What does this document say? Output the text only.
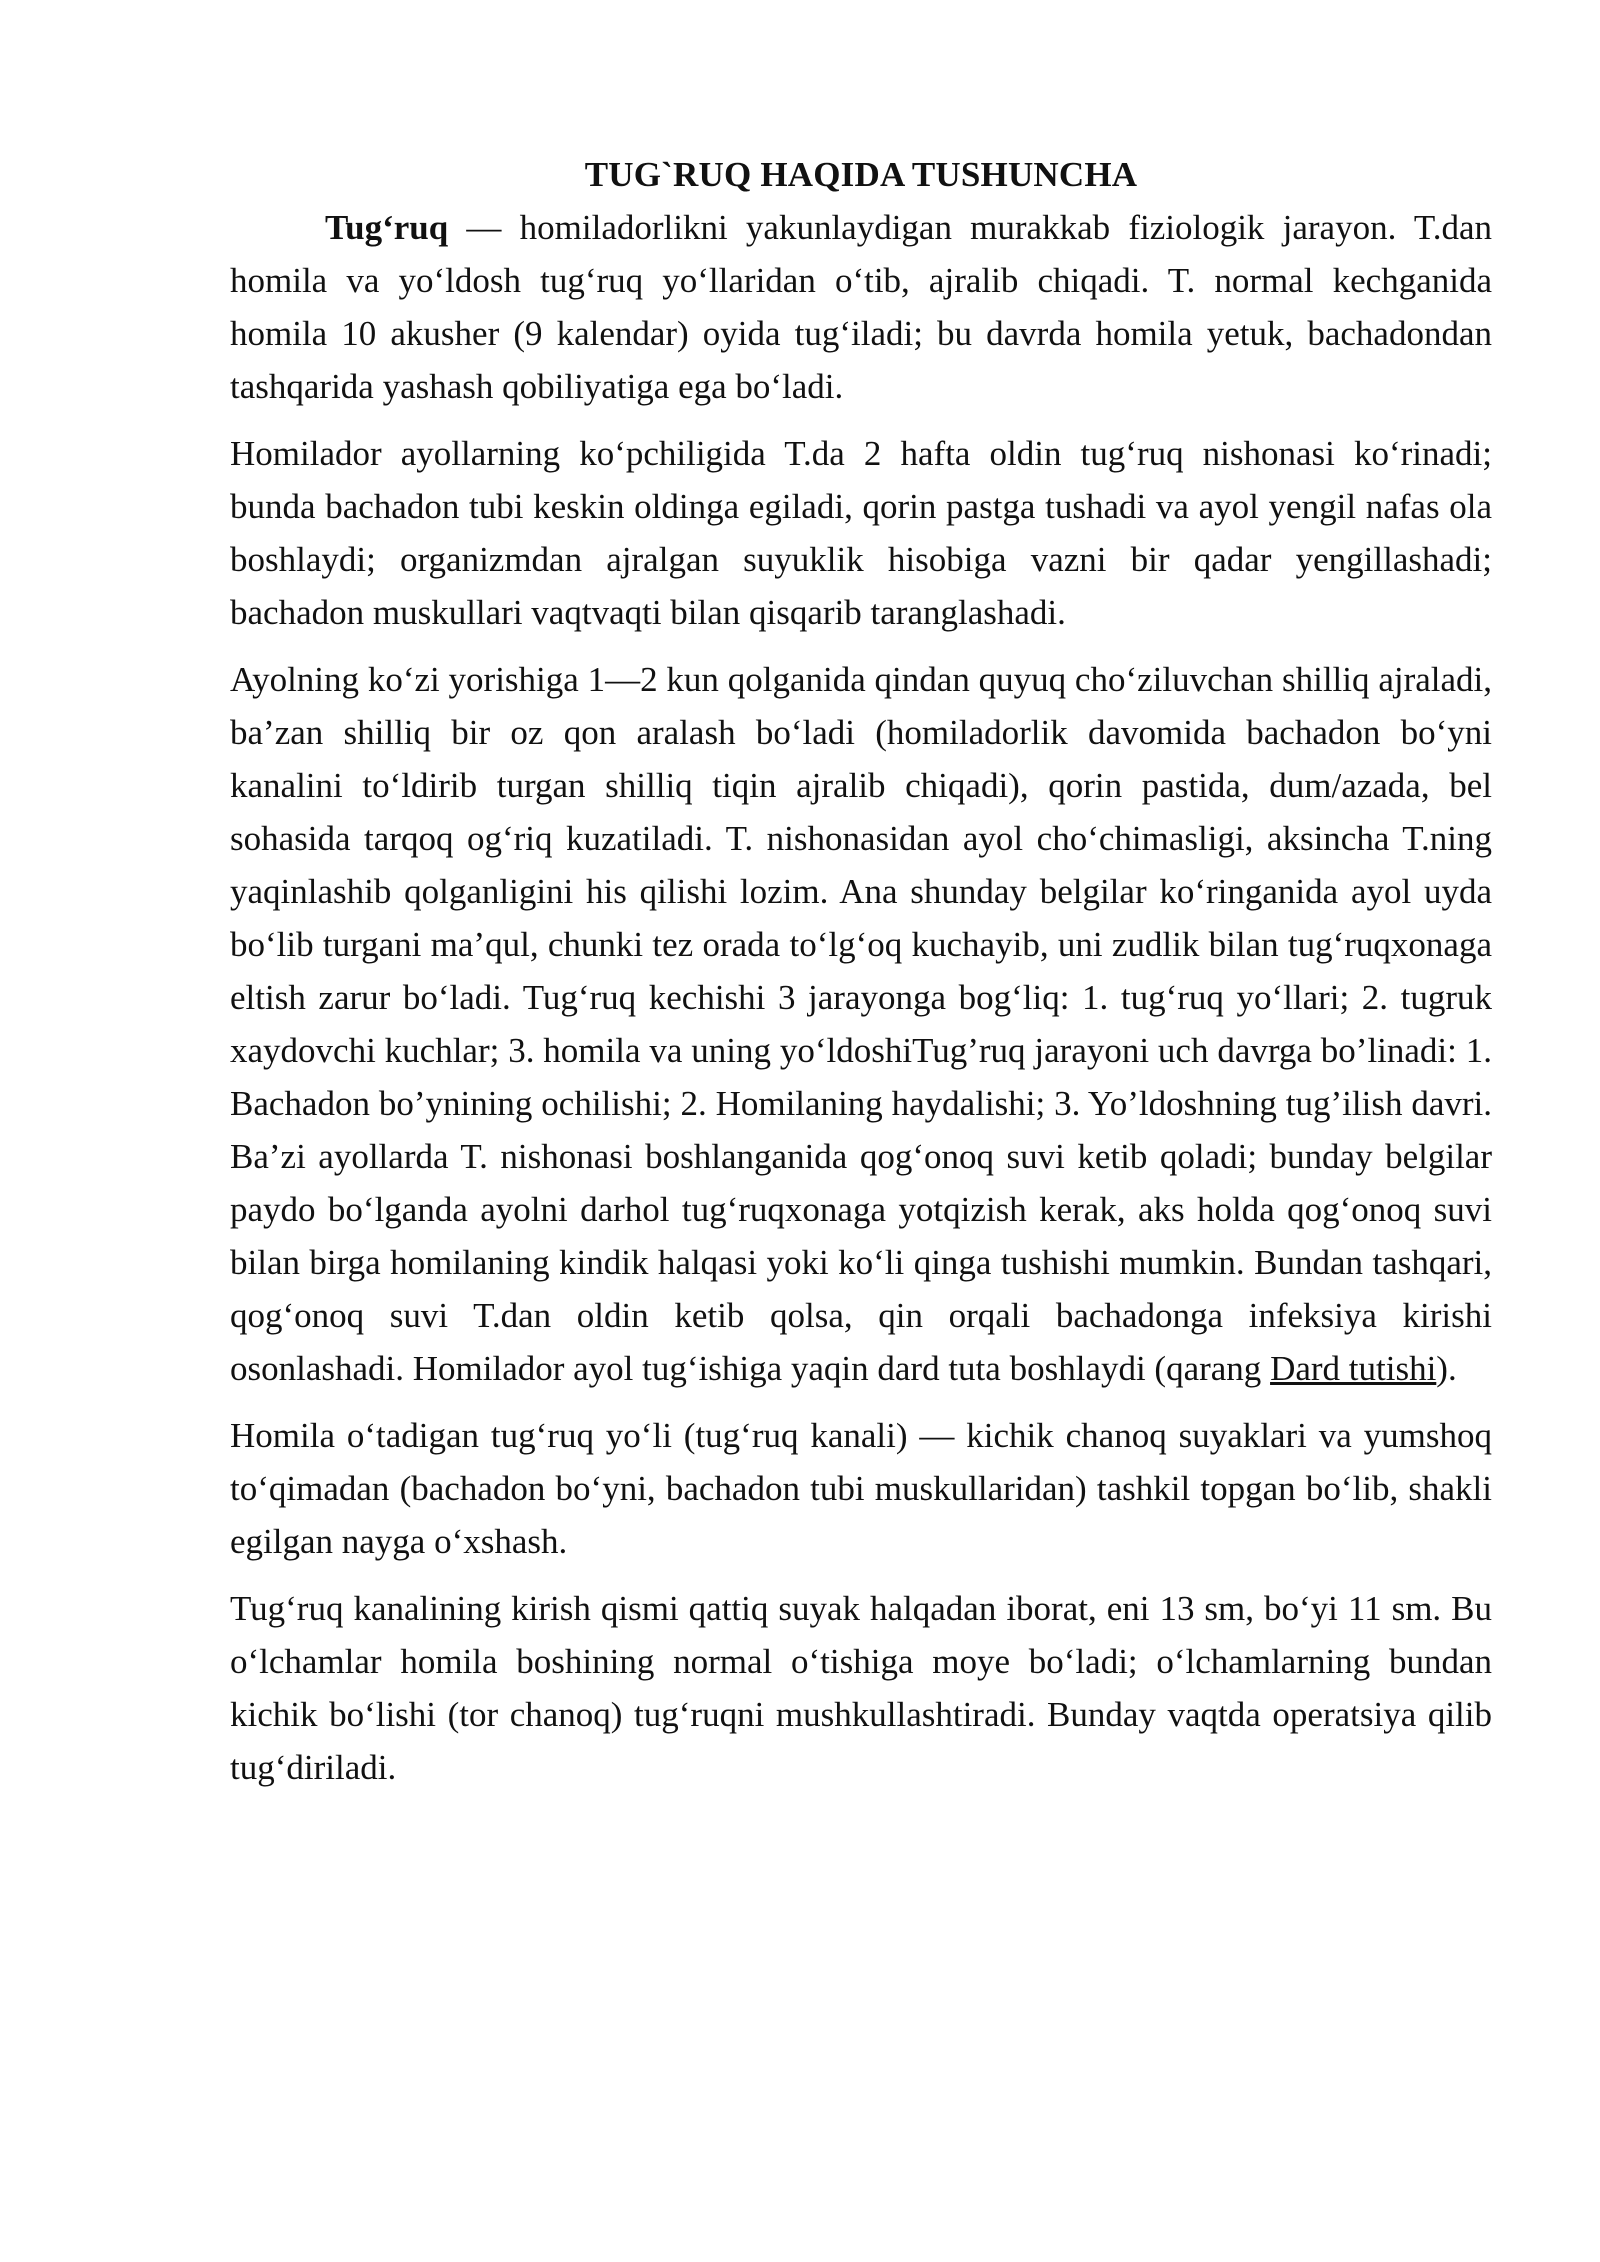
TUG`RUQ HAQIDA TUSHUNCHA

Tug‘ruq — homiladorlikni yakunlaydigan murakkab fiziologik jarayon. T.dan homila va yo‘ldosh tug‘ruq yo‘llaridan o‘tib, ajralib chiqadi. T. normal kechganida homila 10 akusher (9 kalendar) oyida tug‘iladi; bu davrda homila yetuk, bachadondan tashqarida yashash qobiliyatiga ega bo‘ladi.

Homilador ayollarning ko‘pchiligida T.da 2 hafta oldin tug‘ruq nishonasi ko‘rinadi; bunda bachadon tubi keskin oldinga egiladi, qorin pastga tushadi va ayol yengil nafas ola boshlaydi; organizmdan ajralgan suyuklik hisobiga vazni bir qadar yengillashadi; bachadon muskullari vaqtvaqti bilan qisqarib taranglashadi.

Ayolning ko‘zi yorishiga 1—2 kun qolganida qindan quyuq cho‘ziluvchan shilliq ajraladi, ba’zan shilliq bir oz qon aralash bo‘ladi (homiladorlik davomida bachadon bo‘yni kanalini to‘ldirib turgan shilliq tiqin ajralib chiqadi), qorin pastida, dum/azada, bel sohasida tarqoq og‘riq kuzatiladi. T. nishonasidan ayol cho‘chimasligi, aksincha T.ning yaqinlashib qolganligini his qilishi lozim. Ana shunday belgilar ko‘ringanida ayol uyda bo‘lib turgani ma’qul, chunki tez orada to‘lg‘oq kuchayib, uni zudlik bilan tug‘ruqxonaga eltish zarur bo‘ladi. Tug‘ruq kechishi 3 jarayonga bog‘liq: 1. tug‘ruq yo‘llari; 2. tugruk xaydovchi kuchlar; 3. homila va uning yo‘ldoshiTug’ruq jarayoni uch davrga bo’linadi: 1. Bachadon bo’ynining ochilishi; 2. Homilaning haydalishi; 3. Yo’ldoshning tug’ilish davri. Ba’zi ayollarda T. nishonasi boshlanganida qog‘onoq suvi ketib qoladi; bunday belgilar paydo bo‘lganda ayolni darhol tug‘ruqxonaga yotqizish kerak, aks holda qog‘onoq suvi bilan birga homilaning kindik halqasi yoki ko‘li qinga tushishi mumkin. Bundan tashqari, qog‘onoq suvi T.dan oldin ketib qolsa, qin orqali bachadonga infeksiya kirishi osonlashadi. Homilador ayol tug‘ishiga yaqin dard tuta boshlaydi (qarang Dard tutishi).

Homila o‘tadigan tug‘ruq yo‘li (tug‘ruq kanali) — kichik chanoq suyaklari va yumshoq to‘qimadan (bachadon bo‘yni, bachadon tubi muskullaridan) tashkil topgan bo‘lib, shakli egilgan nayga o‘xshash.

Tug‘ruq kanalining kirish qismi qattiq suyak halqadan iborat, eni 13 sm, bo‘yi 11 sm. Bu o‘lchamlar homila boshining normal o‘tishiga moye bo‘ladi; o‘lchamlarning bundan kichik bo‘lishi (tor chanoq) tug‘ruqni mushkullashtiradi. Bunday vaqtda operatsiya qilib tug‘diriladi.
